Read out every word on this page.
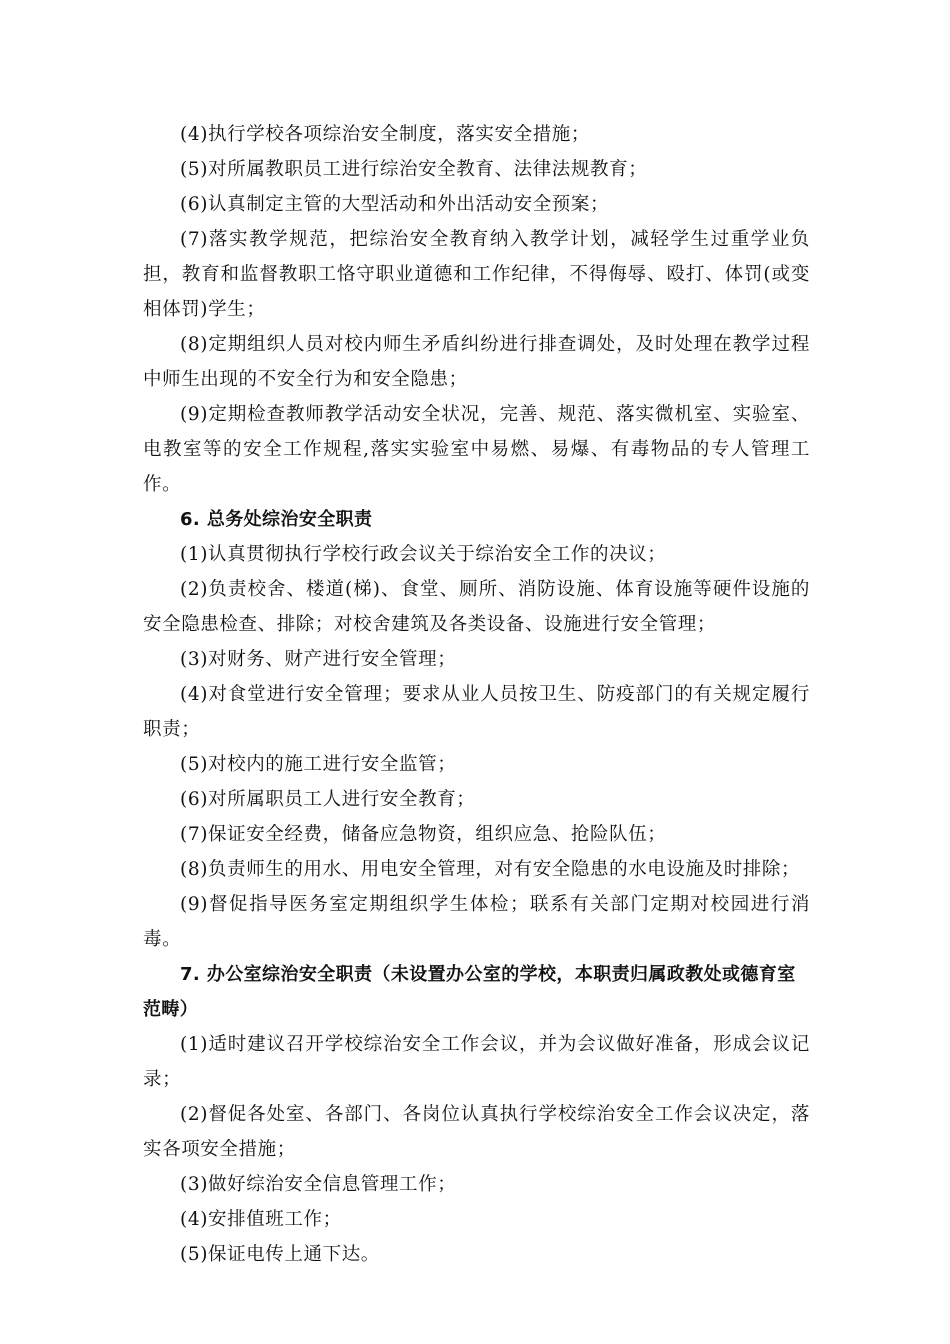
(4)执行学校各项综治安全制度，落实安全措施；

(5)对所属教职员工进行综治安全教育、法律法规教育；

(6)认真制定主管的大型活动和外出活动安全预案；

(7)落实教学规范，把综治安全教育纳入教学计划，减轻学生过重学业负担，教育和监督教职工恪守职业道德和工作纪律，不得侮辱、殴打、体罚(或变相体罚)学生；

(8)定期组织人员对校内师生矛盾纠纷进行排查调处，及时处理在教学过程中师生出现的不安全行为和安全隐患；

(9)定期检查教师教学活动安全状况，完善、规范、落实微机室、实验室、电教室等的安全工作规程,落实实验室中易燃、易爆、有毒物品的专人管理工作。

6. 总务处综治安全职责

(1)认真贯彻执行学校行政会议关于综治安全工作的决议；

(2)负责校舍、楼道(梯)、食堂、厕所、消防设施、体育设施等硬件设施的安全隐患检查、排除；对校舍建筑及各类设备、设施进行安全管理；

(3)对财务、财产进行安全管理；

(4)对食堂进行安全管理；要求从业人员按卫生、防疫部门的有关规定履行职责；

(5)对校内的施工进行安全监管；

(6)对所属职员工人进行安全教育；

(7)保证安全经费，储备应急物资，组织应急、抢险队伍；

(8)负责师生的用水、用电安全管理，对有安全隐患的水电设施及时排除；

(9)督促指导医务室定期组织学生体检；联系有关部门定期对校园进行消毒。

7. 办公室综治安全职责（未设置办公室的学校，本职责归属政教处或德育室范畴）

(1)适时建议召开学校综治安全工作会议，并为会议做好准备，形成会议记录；

(2)督促各处室、各部门、各岗位认真执行学校综治安全工作会议决定，落实各项安全措施；

(3)做好综治安全信息管理工作；

(4)安排值班工作；

(5)保证电传上通下达。
